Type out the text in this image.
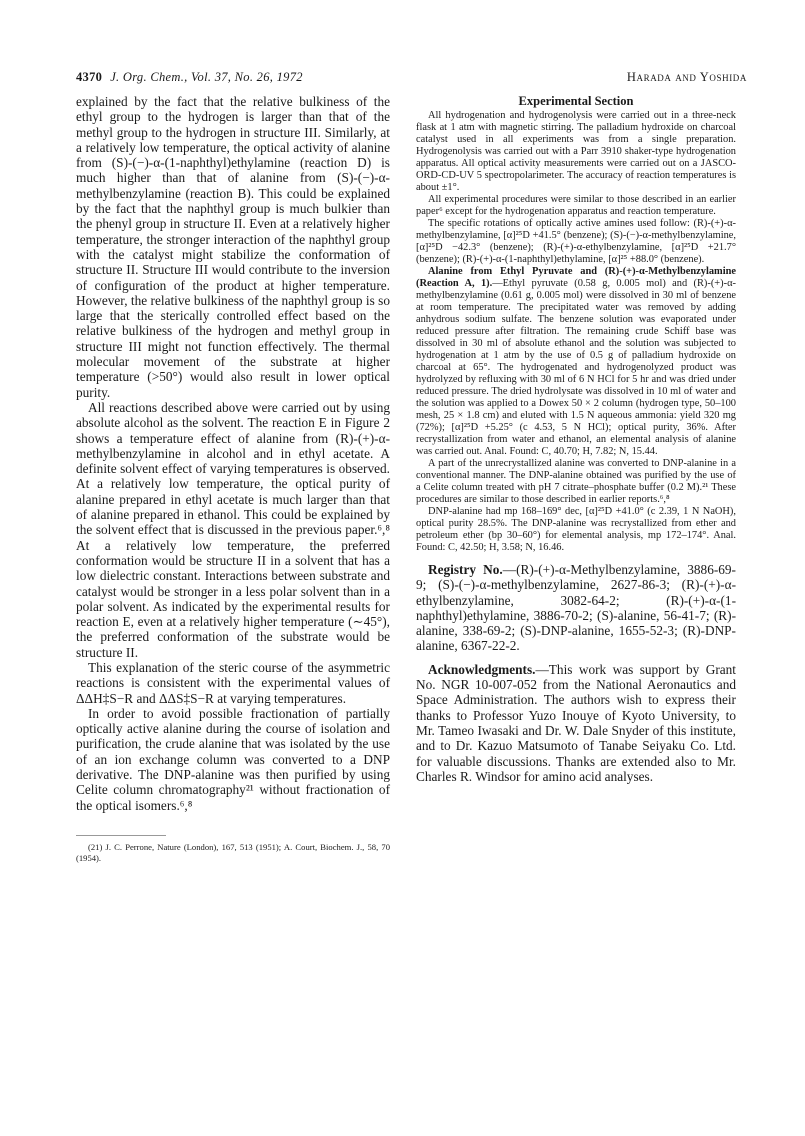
4370 J. Org. Chem., Vol. 37, No. 26, 1972	Harada and Yoshida

explained by the fact that the relative bulkiness of the ethyl group to the hydrogen is larger than that of the methyl group to the hydrogen in structure III. Similarly, at a relatively low temperature, the optical activity of alanine from (S)-(−)-α-(1-naphthyl)ethylamine (reaction D) is much higher than that of alanine from (S)-(−)-α-methylbenzylamine (reaction B). This could be explained by the fact that the naphthyl group is much bulkier than the phenyl group in structure II. Even at a relatively higher temperature, the stronger interaction of the naphthyl group with the catalyst might stabilize the conformation of structure II. Structure III would contribute to the inversion of configuration of the product at higher temperature. However, the relative bulkiness of the naphthyl group is so large that the sterically controlled effect based on the relative bulkiness of the hydrogen and methyl group in structure III might not function effectively. The thermal molecular movement of the substrate at higher temperature (>50°) would also result in lower optical purity.

All reactions described above were carried out by using absolute alcohol as the solvent. The reaction E in Figure 2 shows a temperature effect of alanine from (R)-(+)-α-methylbenzylamine in alcohol and in ethyl acetate. A definite solvent effect of varying temperatures is observed. At a relatively low temperature, the optical purity of alanine prepared in ethyl acetate is much larger than that of alanine prepared in ethanol. This could be explained by the solvent effect that is discussed in the previous paper.⁶,⁸ At a relatively low temperature, the preferred conformation would be structure II in a solvent that has a low dielectric constant. Interactions between substrate and catalyst would be stronger in a less polar solvent than in a polar solvent. As indicated by the experimental results for reaction E, even at a relatively higher temperature (∼45°), the preferred conformation of the substrate would be structure II.

This explanation of the steric course of the asymmetric reactions is consistent with the experimental values of ΔΔH‡S−R and ΔΔS‡S−R at varying temperatures.

In order to avoid possible fractionation of partially optically active alanine during the course of isolation and purification, the crude alanine that was isolated by the use of an ion exchange column was converted to a DNP derivative. The DNP-alanine was then purified by using Celite column chromatography²¹ without fractionation of the optical isomers.⁶,⁸

(21) J. C. Perrone, Nature (London), 167, 513 (1951); A. Court, Biochem. J., 58, 70 (1954).

Experimental Section

All hydrogenation and hydrogenolysis were carried out in a three-neck flask at 1 atm with magnetic stirring. The palladium hydroxide on charcoal catalyst used in all experiments was from a single preparation. Hydrogenolysis was carried out with a Parr 3910 shaker-type hydrogenation apparatus. All optical activity measurements were carried out on a JASCO-ORD-CD-UV 5 spectropolarimeter. The accuracy of reaction temperatures is about ±1°.

All experimental procedures were similar to those described in an earlier paper⁶ except for the hydrogenation apparatus and reaction temperature.

The specific rotations of optically active amines used follow: (R)-(+)-α-methylbenzylamine, [α]²⁵D +41.5° (benzene); (S)-(−)-α-methylbenzylamine, [α]²⁵D −42.3° (benzene); (R)-(+)-α-ethylbenzylamine, [α]²⁵D +21.7° (benzene); (R)-(+)-α-(1-naphthyl)ethylamine, [α]²⁵ +88.0° (benzene).

Alanine from Ethyl Pyruvate and (R)-(+)-α-Methylbenzylamine (Reaction A, 1).—Ethyl pyruvate (0.58 g, 0.005 mol) and (R)-(+)-α-methylbenzylamine (0.61 g, 0.005 mol) were dissolved in 30 ml of benzene at room temperature. The precipitated water was removed by adding anhydrous sodium sulfate. The benzene solution was evaporated under reduced pressure after filtration. The remaining crude Schiff base was dissolved in 30 ml of absolute ethanol and the solution was subjected to hydrogenation at 1 atm by the use of 0.5 g of palladium hydroxide on charcoal at 65°. The hydrogenated and hydrogenolyzed product was hydrolyzed by refluxing with 30 ml of 6 N HCl for 5 hr and was dried under reduced pressure. The dried hydrolysate was dissolved in 10 ml of water and the solution was applied to a Dowex 50 × 2 column (hydrogen type, 50–100 mesh, 25 × 1.8 cm) and eluted with 1.5 N aqueous ammonia: yield 320 mg (72%); [α]²⁵D +5.25° (c 4.53, 5 N HCl); optical purity, 36%. After recrystallization from water and ethanol, an elemental analysis of alanine was carried out. Anal. Found: C, 40.70; H, 7.82; N, 15.44.

A part of the unrecrystallized alanine was converted to DNP-alanine in a conventional manner. The DNP-alanine obtained was purified by the use of a Celite column treated with pH 7 citrate–phosphate buffer (0.2 M).²¹ These procedures are similar to those described in earlier reports.⁶,⁸

DNP-alanine had mp 168–169° dec, [α]²⁵D +41.0° (c 2.39, 1 N NaOH), optical purity 28.5%. The DNP-alanine was recrystallized from ether and petroleum ether (bp 30–60°) for elemental analysis, mp 172–174°. Anal. Found: C, 42.50; H, 3.58; N, 16.46.

Registry No.—(R)-(+)-α-Methylbenzylamine, 3886-69-9; (S)-(−)-α-methylbenzylamine, 2627-86-3; (R)-(+)-α-ethylbenzylamine, 3082-64-2; (R)-(+)-α-(1-naphthyl)ethylamine, 3886-70-2; (S)-alanine, 56-41-7; (R)-alanine, 338-69-2; (S)-DNP-alanine, 1655-52-3; (R)-DNP-alanine, 6367-22-2.

Acknowledgments.—This work was support by Grant No. NGR 10-007-052 from the National Aeronautics and Space Administration. The authors wish to express their thanks to Professor Yuzo Inouye of Kyoto University, to Mr. Tameo Iwasaki and Dr. W. Dale Snyder of this institute, and to Dr. Kazuo Matsumoto of Tanabe Seiyaku Co. Ltd. for valuable discussions. Thanks are extended also to Mr. Charles R. Windsor for amino acid analyses.
